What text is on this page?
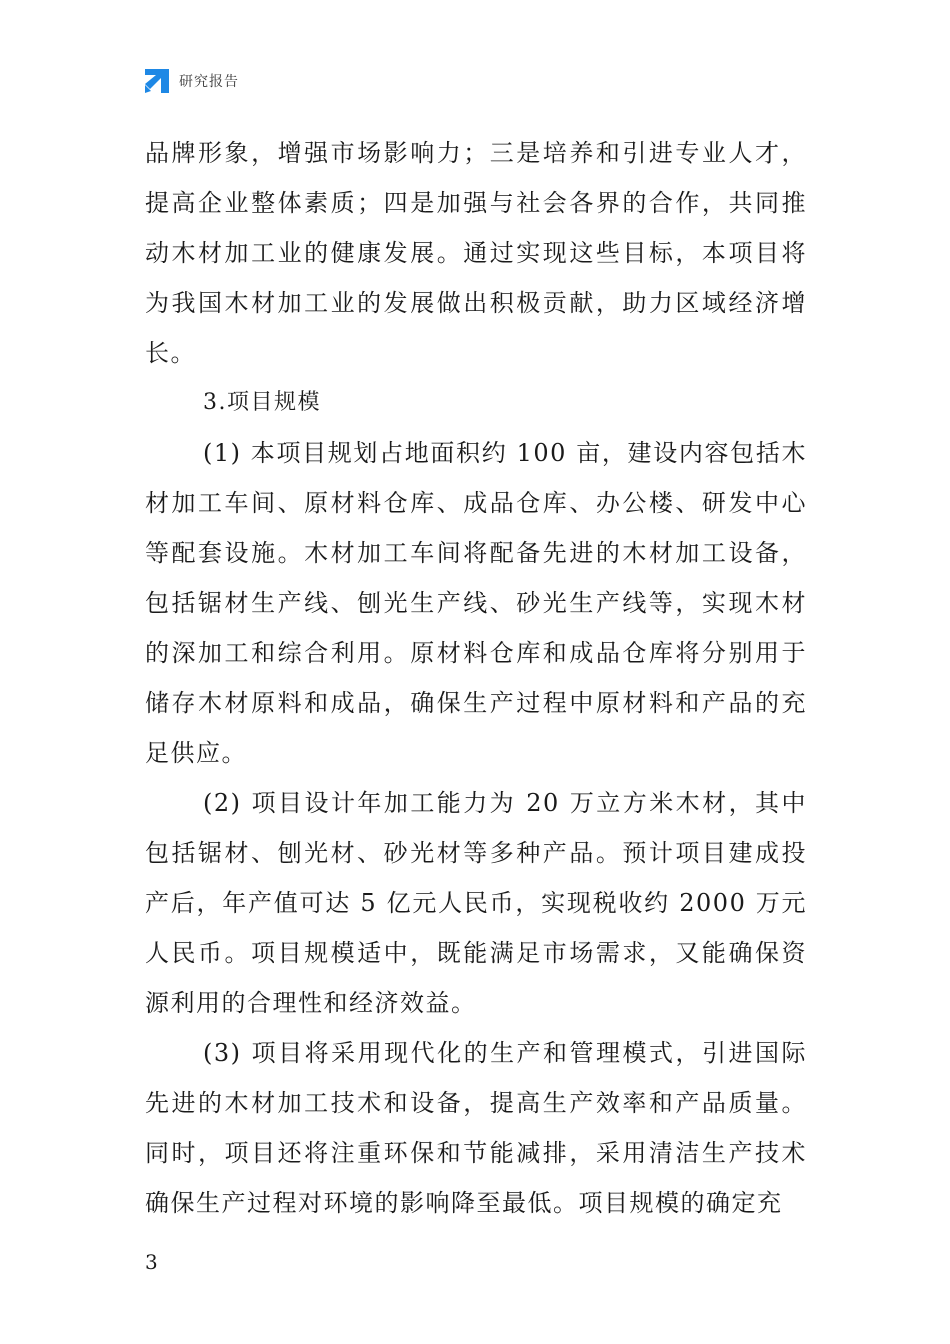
研究报告

品牌形象，增强市场影响力；三是培养和引进专业人才，提高企业整体素质；四是加强与社会各界的合作，共同推动木材加工业的健康发展。通过实现这些目标，本项目将为我国木材加工业的发展做出积极贡献，助力区域经济增长。

3.项目规模

(1) 本项目规划占地面积约 100 亩，建设内容包括木材加工车间、原材料仓库、成品仓库、办公楼、研发中心等配套设施。木材加工车间将配备先进的木材加工设备，包括锯材生产线、刨光生产线、砂光生产线等，实现木材的深加工和综合利用。原材料仓库和成品仓库将分别用于储存木材原料和成品，确保生产过程中原材料和产品的充足供应。

(2) 项目设计年加工能力为 20 万立方米木材，其中包括锯材、刨光材、砂光材等多种产品。预计项目建成投产后，年产值可达 5 亿元人民币，实现税收约 2000 万元人民币。项目规模适中，既能满足市场需求，又能确保资源利用的合理性和经济效益。

(3) 项目将采用现代化的生产和管理模式，引进国际先进的木材加工技术和设备，提高生产效率和产品质量。同时，项目还将注重环保和节能减排，采用清洁生产技术确保生产过程对环境的影响降至最低。项目规模的确定充

3
